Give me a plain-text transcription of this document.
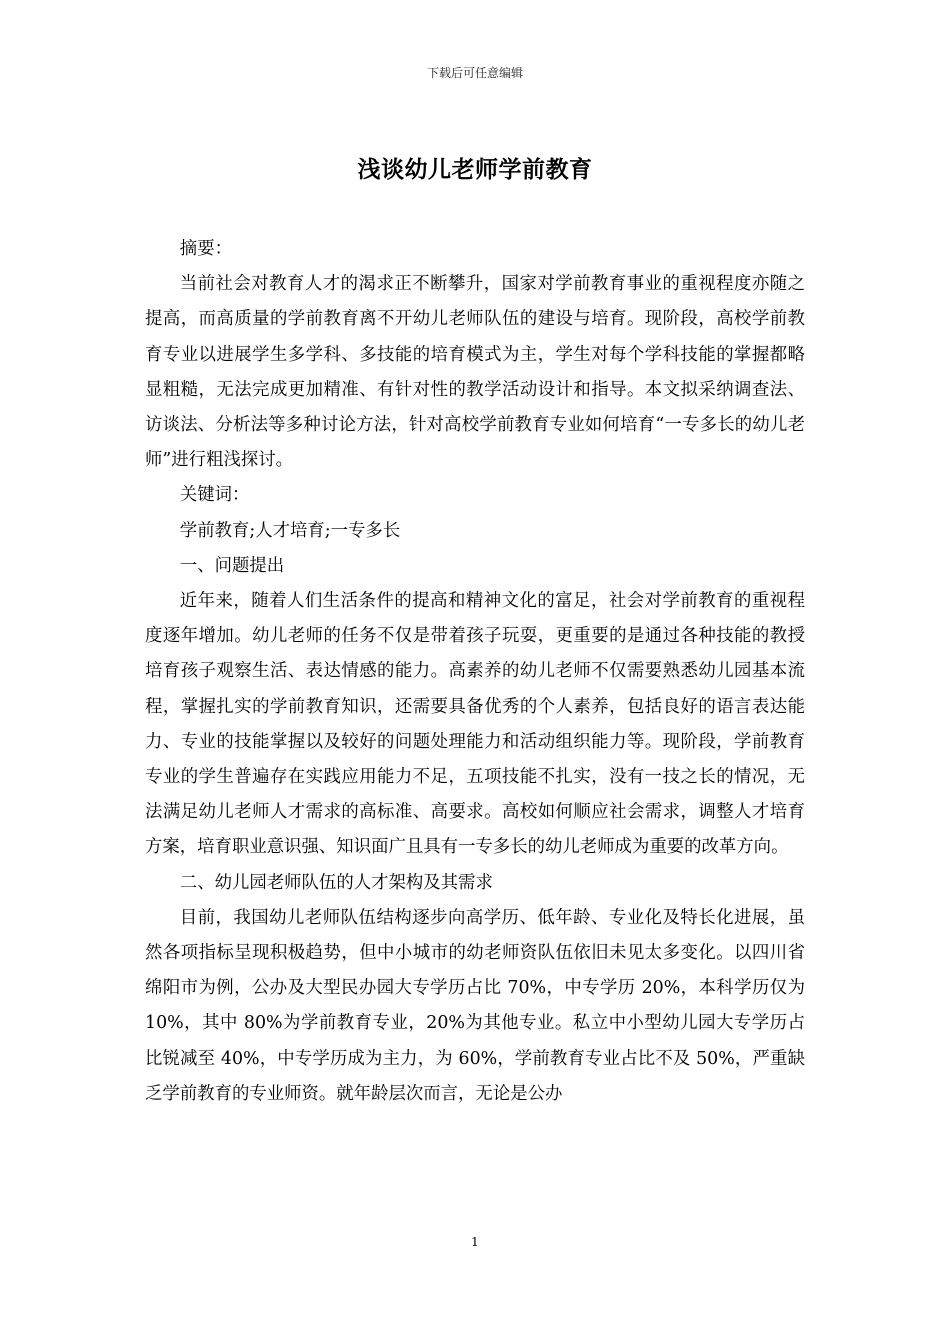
下载后可任意编辑
浅谈幼儿老师学前教育

摘要：

当前社会对教育人才的渴求正不断攀升，国家对学前教育事业的重视程度亦随之提高，而高质量的学前教育离不开幼儿老师队伍的建设与培育。现阶段，高校学前教育专业以进展学生多学科、多技能的培育模式为主，学生对每个学科技能的掌握都略显粗糙，无法完成更加精准、有针对性的教学活动设计和指导。本文拟采纳调查法、访谈法、分析法等多种讨论方法，针对高校学前教育专业如何培育“一专多长的幼儿老师”进行粗浅探讨。

关键词：

学前教育;人才培育;一专多长

一、问题提出

近年来，随着人们生活条件的提高和精神文化的富足，社会对学前教育的重视程度逐年增加。幼儿老师的任务不仅是带着孩子玩耍，更重要的是通过各种技能的教授培育孩子观察生活、表达情感的能力。高素养的幼儿老师不仅需要熟悉幼儿园基本流程，掌握扎实的学前教育知识，还需要具备优秀的个人素养，包括良好的语言表达能力、专业的技能掌握以及较好的问题处理能力和活动组织能力等。现阶段，学前教育专业的学生普遍存在实践应用能力不足，五项技能不扎实，没有一技之长的情况，无法满足幼儿老师人才需求的高标准、高要求。高校如何顺应社会需求，调整人才培育方案，培育职业意识强、知识面广且具有一专多长的幼儿老师成为重要的改革方向。

二、幼儿园老师队伍的人才架构及其需求

目前，我国幼儿老师队伍结构逐步向高学历、低年龄、专业化及特长化进展，虽然各项指标呈现积极趋势，但中小城市的幼老师资队伍依旧未见太多变化。以四川省绵阳市为例，公办及大型民办园大专学历占比 70%，中专学历 20%，本科学历仅为 10%，其中 80%为学前教育专业，20%为其他专业。私立中小型幼儿园大专学历占比锐减至 40%，中专学历成为主力，为 60%，学前教育专业占比不及 50%，严重缺乏学前教育的专业师资。就年龄层次而言，无论是公办

1
